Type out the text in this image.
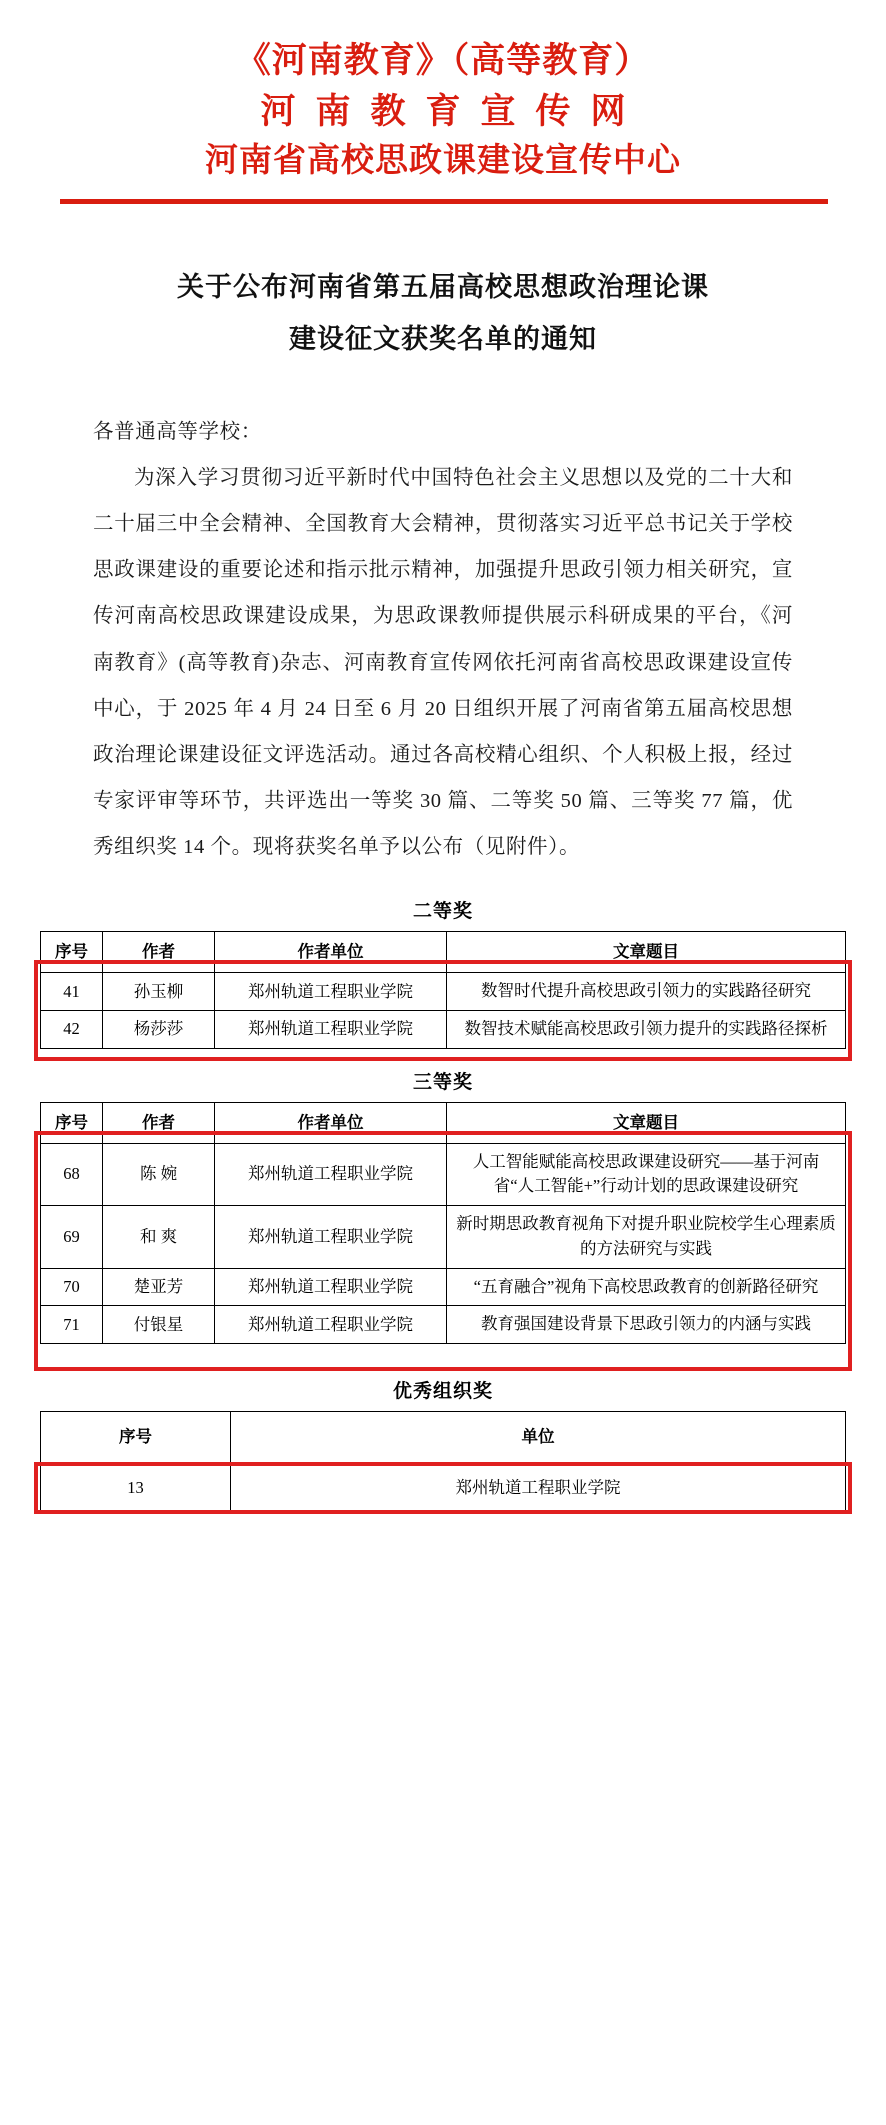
《河南教育》（高等教育）
河南教育宣传网
河南省高校思政课建设宣传中心
关于公布河南省第五届高校思想政治理论课
建设征文获奖名单的通知

各普通高等学校：

为深入学习贯彻习近平新时代中国特色社会主义思想以及党的二十大和二十届三中全会精神、全国教育大会精神，贯彻落实习近平总书记关于学校思政课建设的重要论述和指示批示精神，加强提升思政引领力相关研究，宣传河南高校思政课建设成果，为思政课教师提供展示科研成果的平台，《河南教育》(高等教育)杂志、河南教育宣传网依托河南省高校思政课建设宣传中心，于 2025 年 4 月 24 日至 6 月 20 日组织开展了河南省第五届高校思想政治理论课建设征文评选活动。通过各高校精心组织、个人积极上报，经过专家评审等环节，共评选出一等奖 30 篇、二等奖 50 篇、三等奖 77 篇，优秀组织奖 14 个。现将获奖名单予以公布（见附件）。

二等奖
序号	作者	作者单位	文章题目
41	孙玉柳	郑州轨道工程职业学院	数智时代提升高校思政引领力的实践路径研究
42	杨莎莎	郑州轨道工程职业学院	数智技术赋能高校思政引领力提升的实践路径探析
三等奖
序号	作者	作者单位	文章题目
68	陈 婉	郑州轨道工程职业学院	人工智能赋能高校思政课建设研究——基于河南省“人工智能+”行动计划的思政课建设研究
69	和 爽	郑州轨道工程职业学院	新时期思政教育视角下对提升职业院校学生心理素质的方法研究与实践
70	楚亚芳	郑州轨道工程职业学院	“五育融合”视角下高校思政教育的创新路径研究
71	付银星	郑州轨道工程职业学院	教育强国建设背景下思政引领力的内涵与实践
优秀组织奖
序号	单位
13	郑州轨道工程职业学院
